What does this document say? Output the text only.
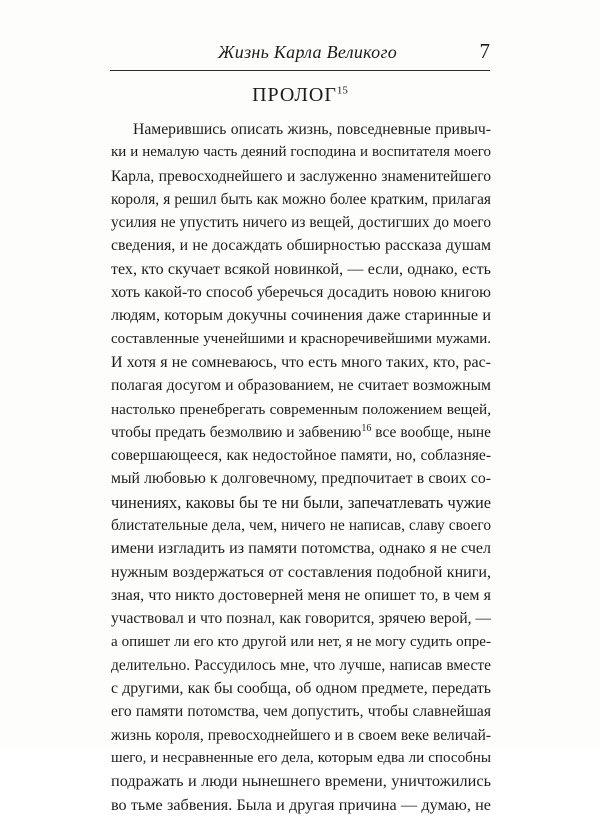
Жизнь Карла Великого	7
ПРОЛОГ$^{15}$
Намерившись описать жизнь, повседневные привыч-
ки и немалую часть деяний господина и воспитателя моего
Карла, превосходнейшего и заслуженно знаменитейшего
короля, я решил быть как можно более кратким, прилагая
усилия не упустить ничего из вещей, достигших до моего
сведения, и не досаждать обширностью рассказа душам
тех, кто скучает всякой новинкой, — если, однако, есть
хоть какой-то способ уберечься досадить новою книгою
людям, которым докучны сочинения даже старинные и
составленные ученейшими и красноречивейшими мужами.
И хотя я не сомневаюсь, что есть много таких, кто, рас-
полагая досугом и образованием, не считает возможным
настолько пренебрегать современным положением вещей,
чтобы предать безмолвию и забвению$^{16}$ все вообще, ныне
совершающееся, как недостойное памяти, но, соблазняе-
мый любовью к долговечному, предпочитает в своих со-
чинениях, каковы бы те ни были, запечатлевать чужие
блистательные дела, чем, ничего не написав, славу своего
имени изгладить из памяти потомства, однако я не счел
нужным воздержаться от составления подобной книги,
зная, что никто достоверней меня не опишет то, в чем я
участвовал и что познал, как говорится, зрячею верой, —
а опишет ли его кто другой или нет, я не могу судить опре-
делительно. Рассудилось мне, что лучше, написав вместе
с другими, как бы сообща, об одном предмете, передать
его памяти потомства, чем допустить, чтобы славнейшая
жизнь короля, превосходнейшего и в своем веке величай-
шего, и несравненные его дела, которым едва ли способны
подражать и люди нынешнего времени, уничтожились
во тьме забвения. Была и другая причина — думаю, не
